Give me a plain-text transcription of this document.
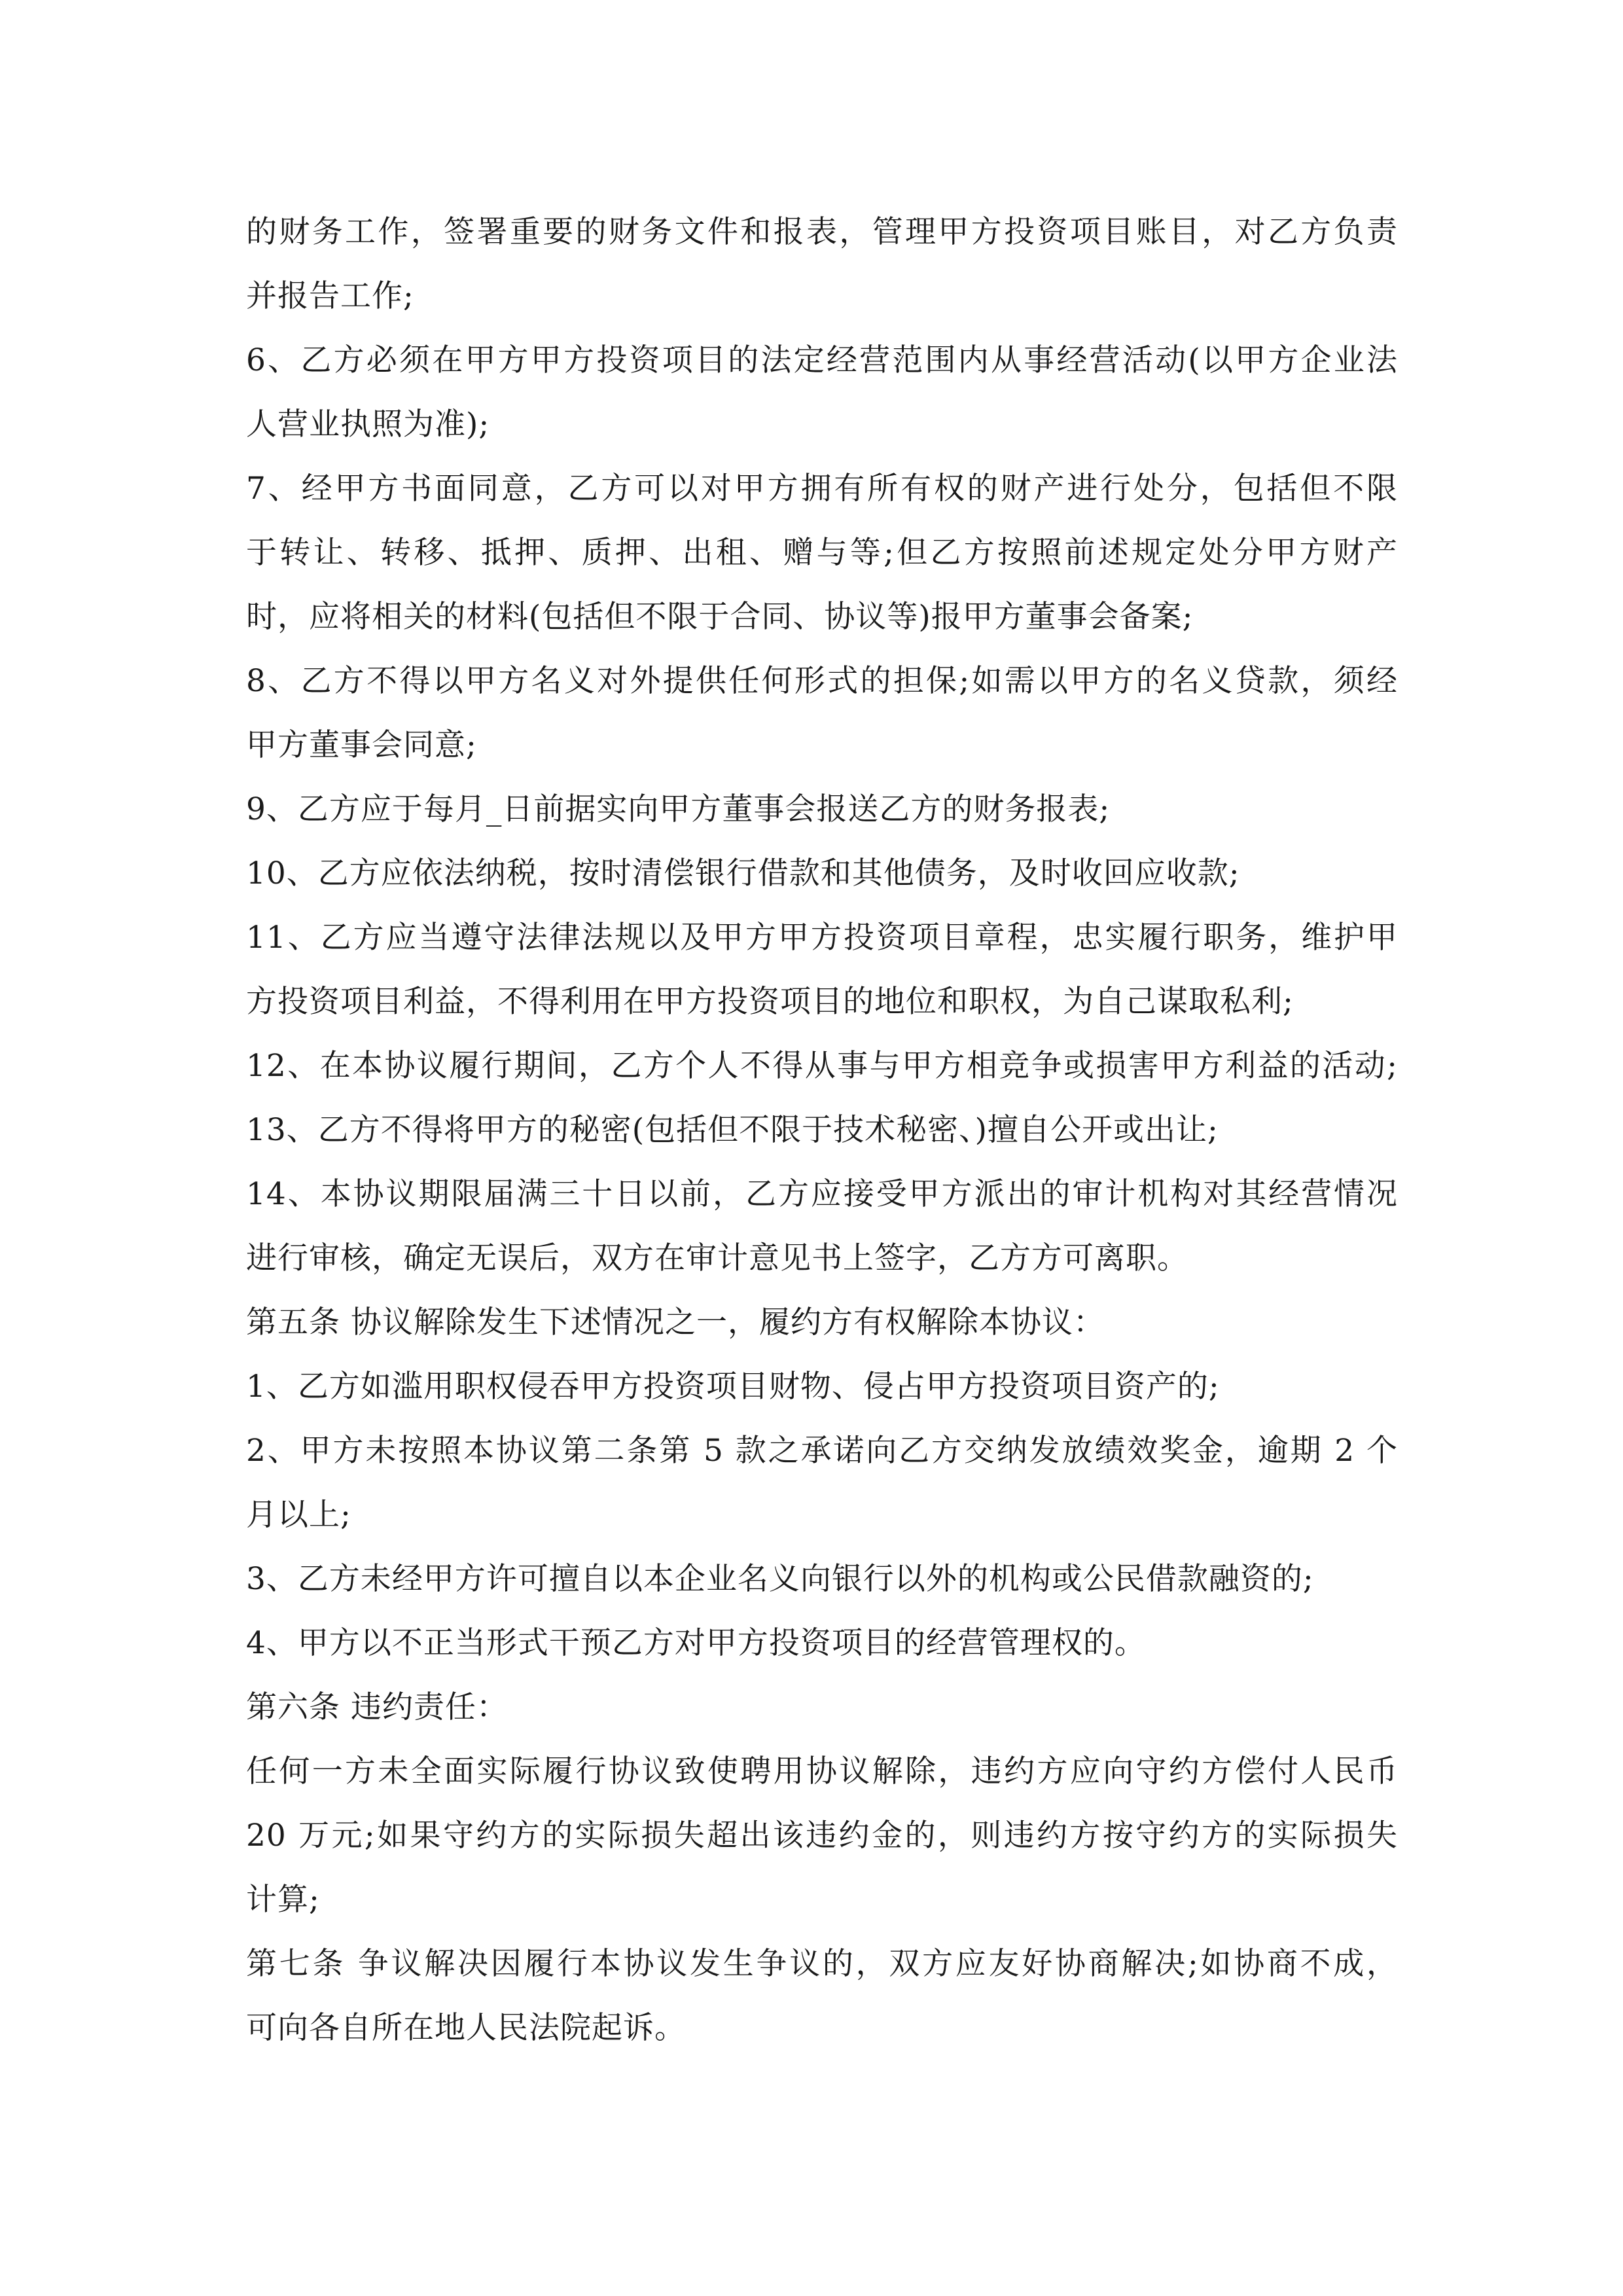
的财务工作，签署重要的财务文件和报表，管理甲方投资项目账目，对乙方负责
并报告工作;
6、乙方必须在甲方甲方投资项目的法定经营范围内从事经营活动(以甲方企业法
人营业执照为准);
7、经甲方书面同意，乙方可以对甲方拥有所有权的财产进行处分，包括但不限
于转让、转移、抵押、质押、出租、赠与等;但乙方按照前述规定处分甲方财产
时，应将相关的材料(包括但不限于合同、协议等)报甲方董事会备案;
8、乙方不得以甲方名义对外提供任何形式的担保;如需以甲方的名义贷款，须经
甲方董事会同意;
9、乙方应于每月_日前据实向甲方董事会报送乙方的财务报表;
10、乙方应依法纳税，按时清偿银行借款和其他债务，及时收回应收款;
11、乙方应当遵守法律法规以及甲方甲方投资项目章程，忠实履行职务，维护甲
方投资项目利益，不得利用在甲方投资项目的地位和职权，为自己谋取私利;
12、在本协议履行期间，乙方个人不得从事与甲方相竞争或损害甲方利益的活动;
13、乙方不得将甲方的秘密(包括但不限于技术秘密、)擅自公开或出让;
14、本协议期限届满三十日以前，乙方应接受甲方派出的审计机构对其经营情况
进行审核，确定无误后，双方在审计意见书上签字，乙方方可离职。
第五条 协议解除发生下述情况之一，履约方有权解除本协议：
1、乙方如滥用职权侵吞甲方投资项目财物、侵占甲方投资项目资产的;
2、甲方未按照本协议第二条第 5 款之承诺向乙方交纳发放绩效奖金，逾期 2 个
月以上;
3、乙方未经甲方许可擅自以本企业名义向银行以外的机构或公民借款融资的;
4、甲方以不正当形式干预乙方对甲方投资项目的经营管理权的。
第六条 违约责任：
任何一方未全面实际履行协议致使聘用协议解除，违约方应向守约方偿付人民币
20 万元;如果守约方的实际损失超出该违约金的，则违约方按守约方的实际损失
计算;
第七条 争议解决因履行本协议发生争议的，双方应友好协商解决;如协商不成，
可向各自所在地人民法院起诉。
